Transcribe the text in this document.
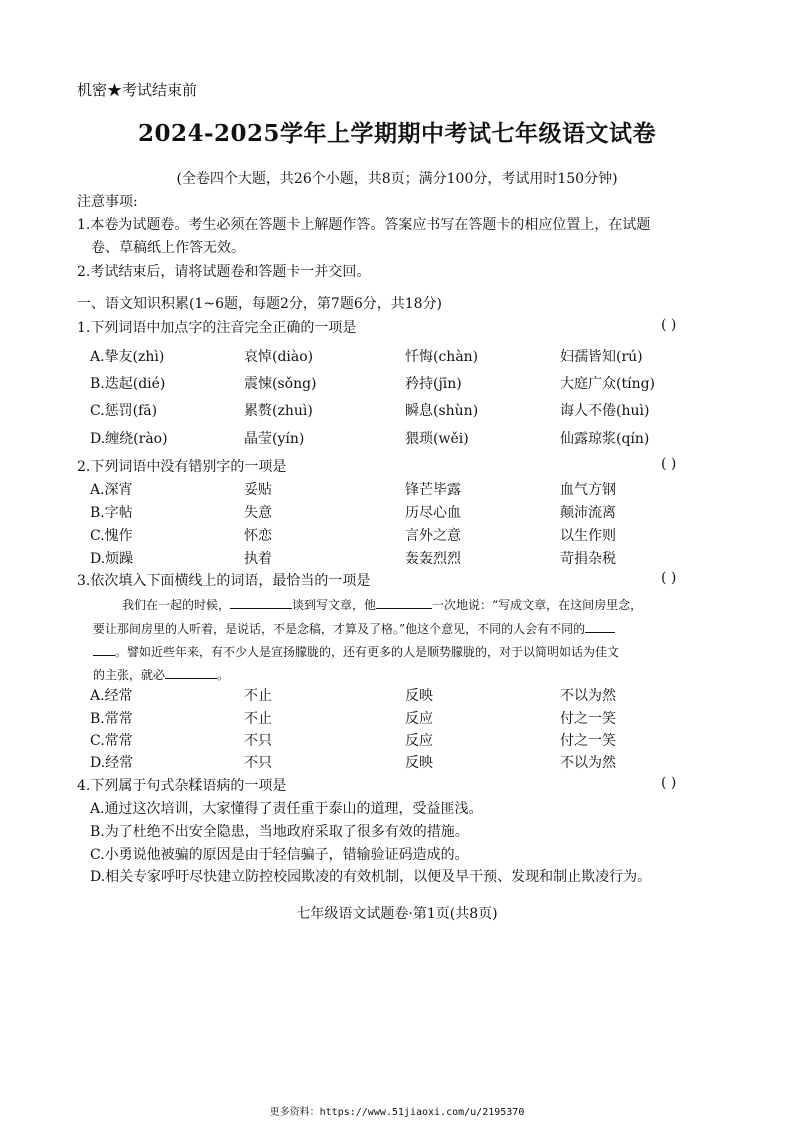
机密★考试结束前
2024-2025学年上学期期中考试七年级语文试卷
(全卷四个大题，共26个小题，共8页；满分100分，考试用时150分钟)
注意事项:
1.本卷为试题卷。考生必须在答题卡上解题作答。答案应书写在答题卡的相应位置上，在试题
卷、草稿纸上作答无效。
2.考试结束后，请将试题卷和答题卡一并交回。
一、语文知识积累(1~6题，每题2分，第7题6分，共18分)
1.下列词语中加点字的注音完全正确的一项是	( )
A.挚友(zhì)	哀悼(diào)	忏悔(chàn)	妇孺皆知(rú)
B.迭起(dié)	震悚(sǒng)	矜持(jīn)	大庭广众(tíng)
C.惩罚(fā)	累赘(zhuì)	瞬息(shùn)	诲人不倦(huì)
D.缠绕(rào)	晶莹(yín)	猥琐(wěi)	仙露琼浆(qín)
2.下列词语中没有错别字的一项是	( )
A.深宵	妥贴	锋芒毕露	血气方钢
B.字帖	失意	历尽心血	颠沛流离
C.愧作	怀恋	言外之意	以生作则
D.烦躁	执着	轰轰烈烈	苛捐杂税
3.依次填入下面横线上的词语，最恰当的一项是	( )
我们在一起的时候，	谈到写文章，他	一次地说：“写成文章，在这间房里念，
要让那间房里的人听着，是说话，不是念稿，才算及了格。”他这个意见，不同的人会有不同的
。譬如近些年来，有不少人是宣扬朦胧的，还有更多的人是顺势朦胧的，对于以简明如话为佳文
的主张，就必	。
A.经常	不止	反映	不以为然
B.常常	不止	反应	付之一笑
C.常常	不只	反应	付之一笑
D.经常	不只	反映	不以为然
4.下列属于句式杂糅语病的一项是	( )
A.通过这次培训，大家懂得了责任重于泰山的道理，受益匪浅。
B.为了杜绝不出安全隐患，当地政府采取了很多有效的措施。
C.小勇说他被骗的原因是由于轻信骗子，错输验证码造成的。
D.相关专家呼吁尽快建立防控校园欺凌的有效机制，以便及早干预、发现和制止欺凌行为。
七年级语文试题卷·第1页(共8页)
更多资料：https://www.51jiaoxi.com/u/2195370
